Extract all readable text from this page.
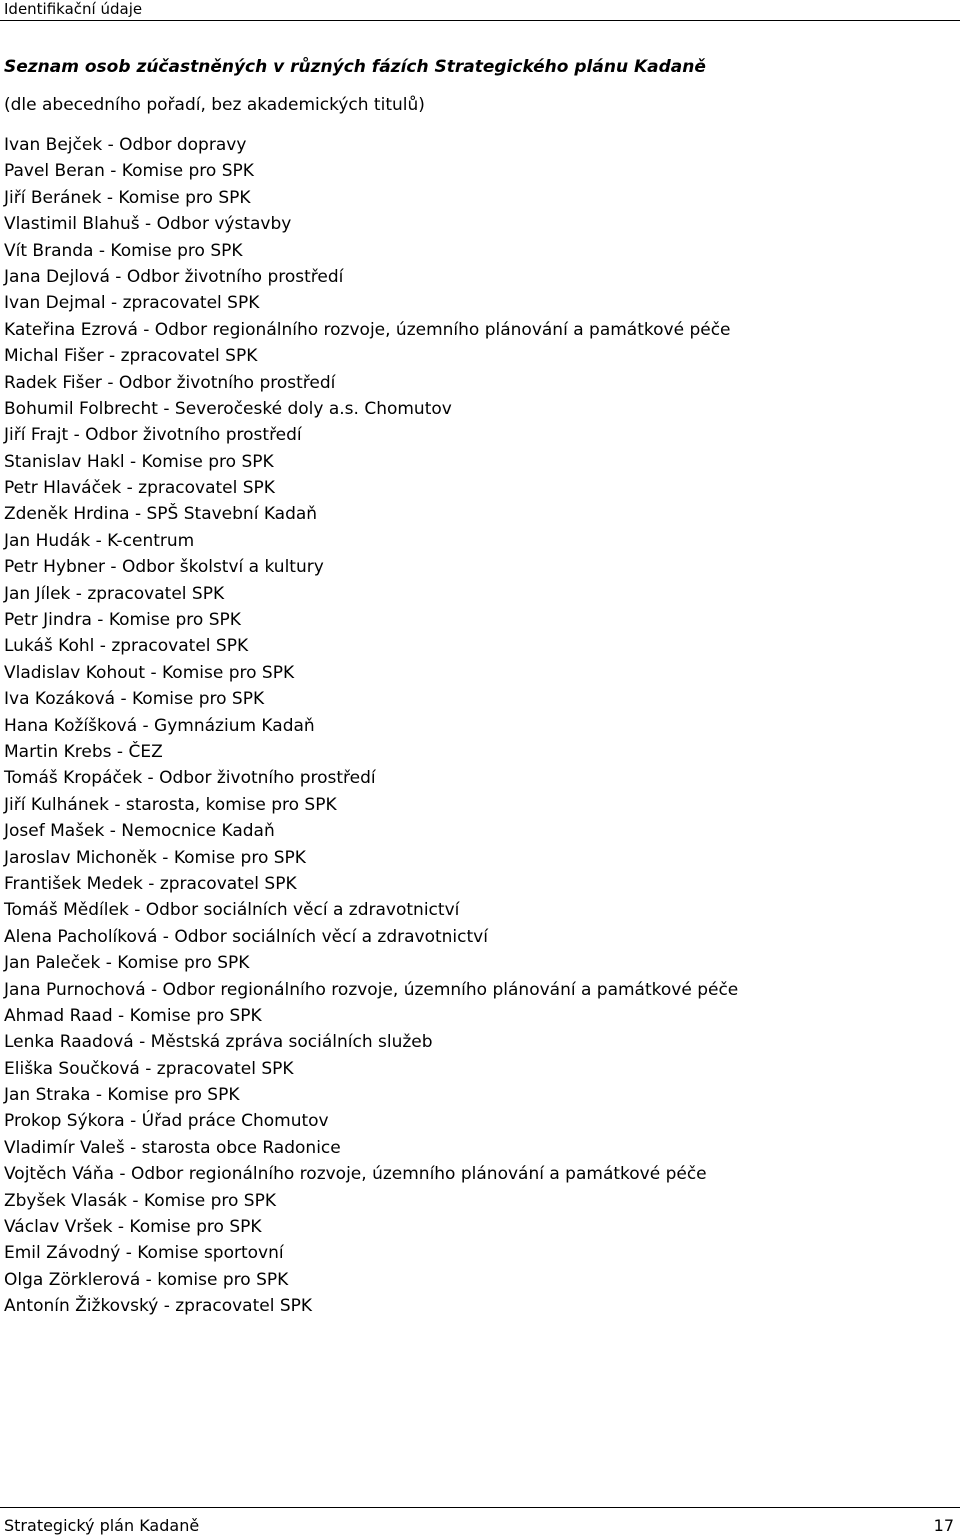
Identifikační údaje
Seznam osob zúčastněných v různých fázích Strategického plánu Kadaně
(dle abecedního pořadí, bez akademických titulů)
Ivan Bejček - Odbor dopravy
Pavel Beran - Komise pro SPK
Jiří Beránek - Komise pro SPK
Vlastimil Blahuš - Odbor výstavby
Vít Branda - Komise pro SPK
Jana Dejlová - Odbor životního prostředí
Ivan Dejmal - zpracovatel SPK
Kateřina Ezrová - Odbor regionálního rozvoje, územního plánování a památkové péče
Michal Fišer - zpracovatel SPK
Radek Fišer - Odbor životního prostředí
Bohumil Folbrecht - Severočeské doly a.s. Chomutov
Jiří Frajt - Odbor životního prostředí
Stanislav Hakl - Komise pro SPK
Petr Hlaváček - zpracovatel SPK
Zdeněk Hrdina - SPŠ Stavební Kadaň
Jan Hudák - K-centrum
Petr Hybner - Odbor školství a kultury
Jan Jílek - zpracovatel SPK
Petr Jindra - Komise pro SPK
Lukáš Kohl - zpracovatel SPK
Vladislav Kohout - Komise pro SPK
Iva Kozáková - Komise pro SPK
Hana Kožíšková - Gymnázium Kadaň
Martin Krebs - ČEZ
Tomáš Kropáček - Odbor životního prostředí
Jiří Kulhánek - starosta, komise pro SPK
Josef Mašek - Nemocnice Kadaň
Jaroslav Michoněk - Komise pro SPK
František Medek - zpracovatel SPK
Tomáš Mědílek - Odbor sociálních věcí a zdravotnictví
Alena Pacholíková - Odbor sociálních věcí a zdravotnictví
Jan Paleček - Komise pro SPK
Jana Purnochová - Odbor regionálního rozvoje, územního plánování a památkové péče
Ahmad Raad - Komise pro SPK
Lenka Raadová - Městská zpráva sociálních služeb
Eliška Součková - zpracovatel SPK
Jan Straka - Komise pro SPK
Prokop Sýkora - Úřad práce Chomutov
Vladimír Valeš - starosta obce Radonice
Vojtěch Váňa - Odbor regionálního rozvoje, územního plánování a památkové péče
Zbyšek Vlasák - Komise pro SPK
Václav Vršek - Komise pro SPK
Emil Závodný - Komise sportovní
Olga Zörklerová - komise pro SPK
Antonín Žižkovský - zpracovatel SPK
Strategický plán Kadaně	17
